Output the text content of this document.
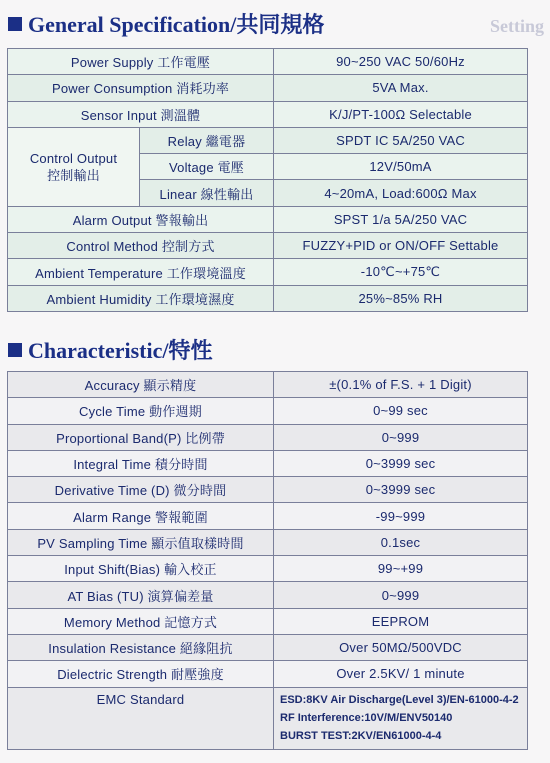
Setting
General Specification/共同規格
Power Supply 工作電壓		90~250 VAC 50/60Hz
Power Consumption 消耗功率		5VA Max.
Sensor Input 測溫體		K/J/PT-100Ω Selectable
Control Output
控制輸出	Relay 繼電器	SPDT IC 5A/250 VAC
	Voltage 電壓	12V/50mA
	Linear 線性輸出	4~20mA, Load:600Ω Max
Alarm Output 警報輸出		SPST 1/a 5A/250 VAC
Control Method 控制方式		FUZZY+PID or ON/OFF Settable
Ambient Temperature 工作環境溫度		-10℃~+75℃
Ambient Humidity 工作環境濕度		25%~85% RH
Characteristic/特性
Accuracy 顯示精度	±(0.1% of F.S. + 1 Digit)
Cycle Time 動作週期	0~99 sec
Proportional Band(P) 比例帶	0~999
Integral Time 積分時間	0~3999 sec
Derivative Time (D) 微分時間	0~3999 sec
Alarm Range 警報範圍	-99~999
PV Sampling Time 顯示值取樣時間	0.1sec
Input Shift(Bias) 輸入校正	99~+99
AT Bias (TU) 演算偏差量	0~999
Memory Method 記憶方式	EEPROM
Insulation Resistance 絕緣阻抗	Over 50MΩ/500VDC
Dielectric Strength 耐壓強度	Over 2.5KV/ 1 minute
EMC Standard	ESD:8KV Air Discharge(Level 3)/EN-61000-4-2
RF Interference:10V/M/ENV50140
BURST TEST:2KV/EN61000-4-4
